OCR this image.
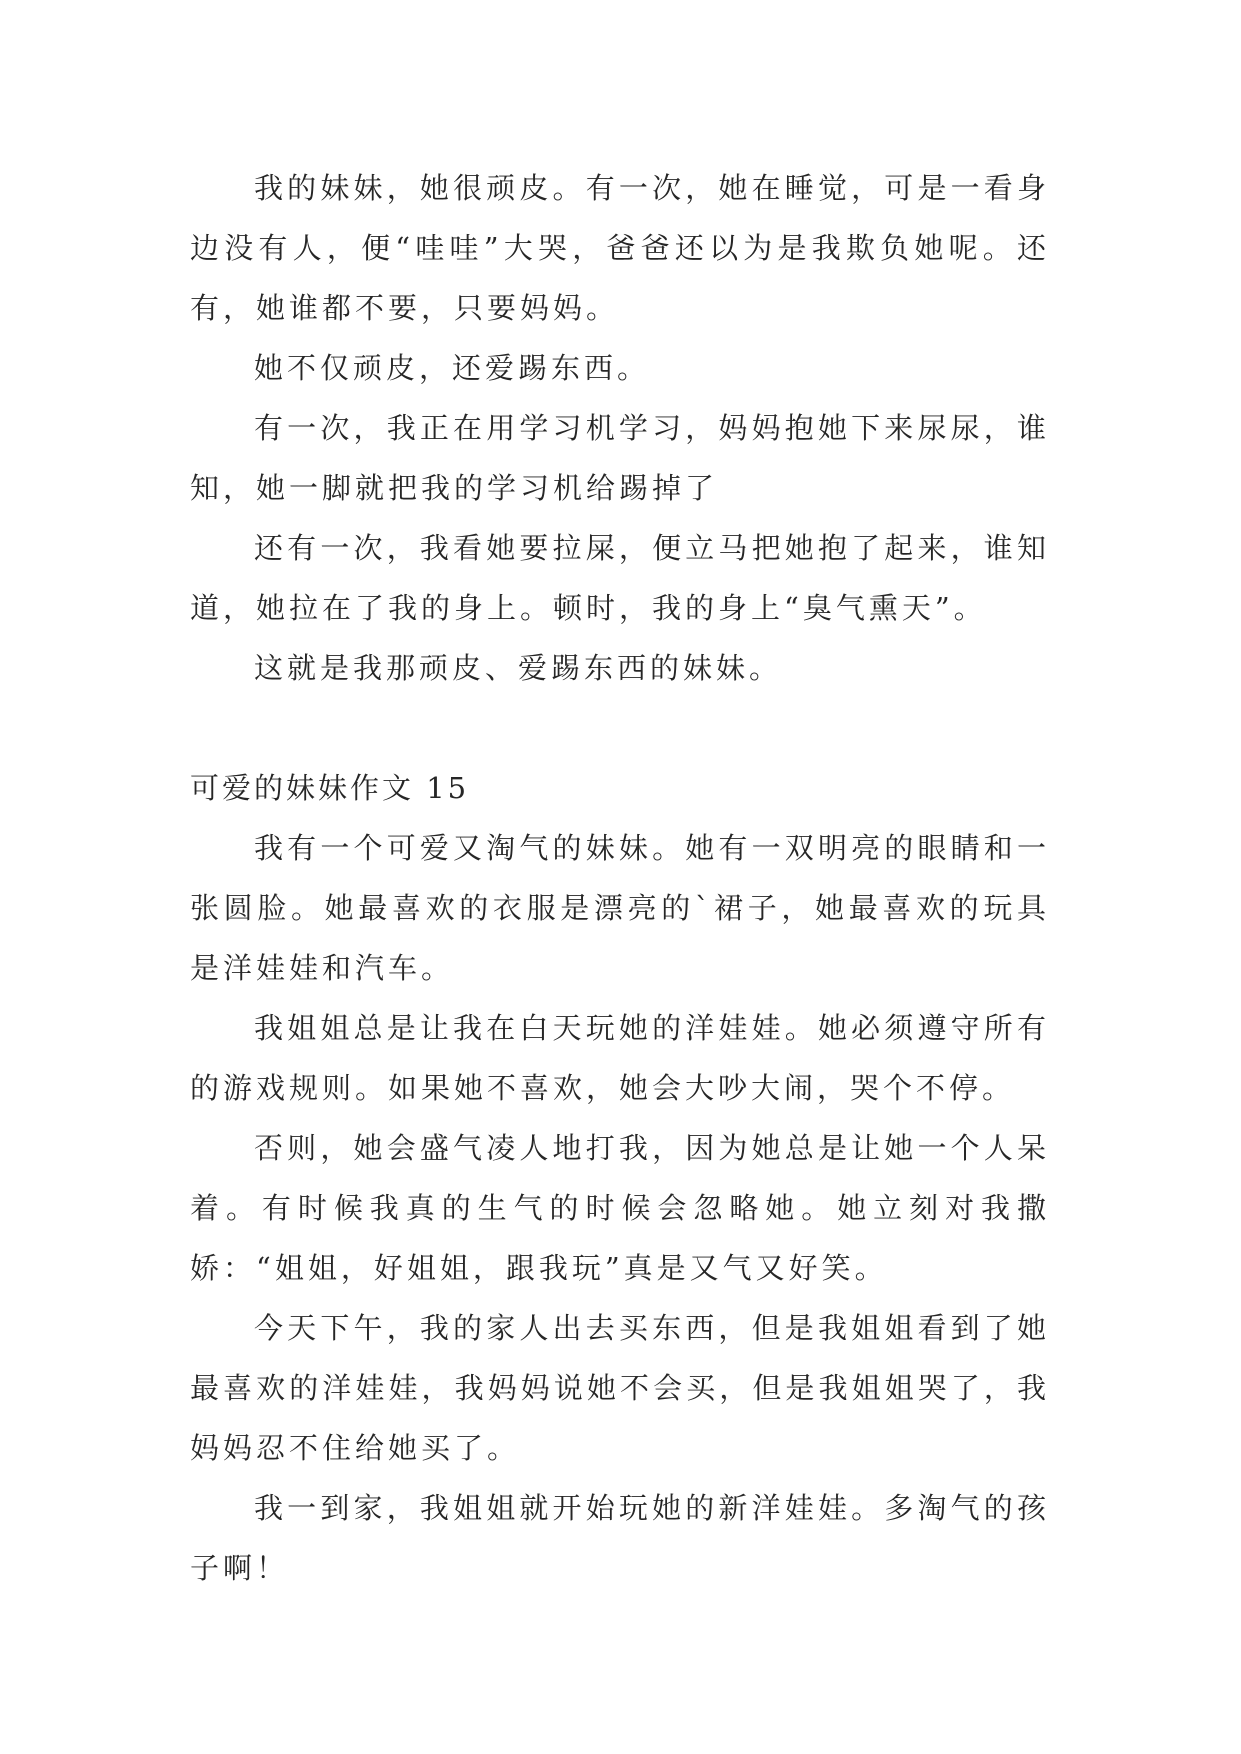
我的妹妹，她很顽皮。有一次，她在睡觉，可是一看身边没有人，便“哇哇”大哭，爸爸还以为是我欺负她呢。还有，她谁都不要，只要妈妈。

她不仅顽皮，还爱踢东西。

有一次，我正在用学习机学习，妈妈抱她下来尿尿，谁知，她一脚就把我的学习机给踢掉了

还有一次，我看她要拉屎，便立马把她抱了起来，谁知道，她拉在了我的身上。顿时，我的身上“臭气熏天”。

这就是我那顽皮、爱踢东西的妹妹。

可爱的妹妹作文 15

我有一个可爱又淘气的妹妹。她有一双明亮的眼睛和一张圆脸。她最喜欢的衣服是漂亮的`裙子，她最喜欢的玩具是洋娃娃和汽车。

我姐姐总是让我在白天玩她的洋娃娃。她必须遵守所有的游戏规则。如果她不喜欢，她会大吵大闹，哭个不停。

否则，她会盛气凌人地打我，因为她总是让她一个人呆着。有时候我真的生气的时候会忽略她。她立刻对我撒娇：“姐姐，好姐姐，跟我玩”真是又气又好笑。

今天下午，我的家人出去买东西，但是我姐姐看到了她最喜欢的洋娃娃，我妈妈说她不会买，但是我姐姐哭了，我妈妈忍不住给她买了。

我一到家，我姐姐就开始玩她的新洋娃娃。多淘气的孩子啊！
